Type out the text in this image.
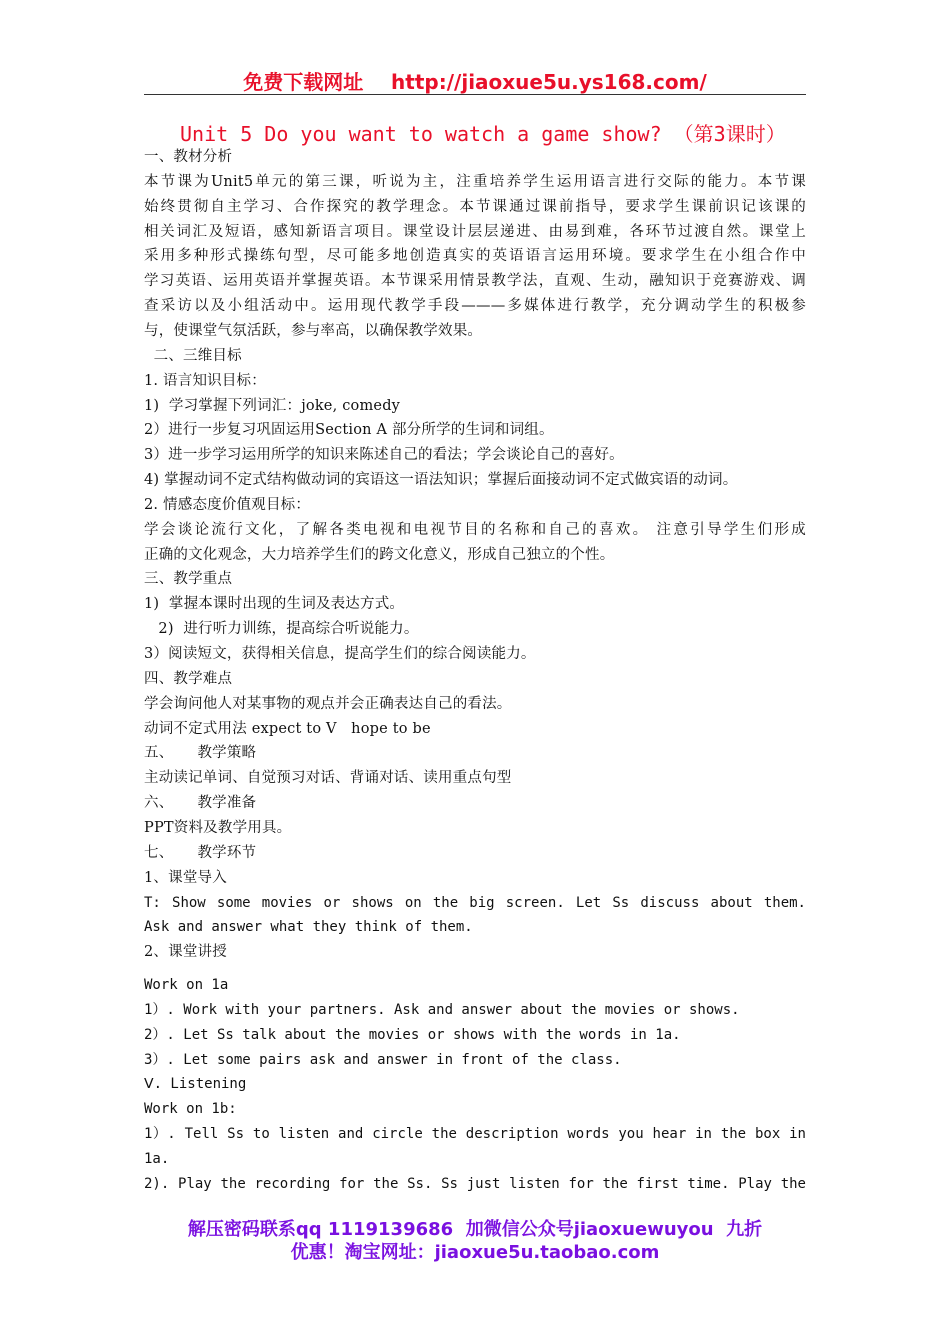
免费下载网址    http://jiaoxue5u.ys168.com/
Unit 5 Do you want to watch a game show? （第3课时）
一、教材分析
本节课为Unit5单元的第三课，听说为主，注重培养学生运用语言进行交际的能力。本节课
始终贯彻自主学习、合作探究的教学理念。本节课通过课前指导，要求学生课前识记该课的
相关词汇及短语，感知新语言项目。课堂设计层层递进、由易到难，各环节过渡自然。课堂上
采用多种形式操练句型，尽可能多地创造真实的英语语言运用环境。要求学生在小组合作中
学习英语、运用英语并掌握英语。本节课采用情景教学法，直观、生动，融知识于竞赛游戏、调
查采访以及小组活动中。运用现代教学手段———多媒体进行教学，充分调动学生的积极参
与，使课堂气氛活跃，参与率高，以确保教学效果。
二、三维目标
1. 语言知识目标：
1)  学习掌握下列词汇：joke, comedy
2）进行一步复习巩固运用Section A 部分所学的生词和词组。
3）进一步学习运用所学的知识来陈述自己的看法；学会谈论自己的喜好。
4) 掌握动词不定式结构做动词的宾语这一语法知识；掌握后面接动词不定式做宾语的动词。
2. 情感态度价值观目标：
学会谈论流行文化，了解各类电视和电视节目的名称和自己的喜欢。 注意引导学生们形成
正确的文化观念，大力培养学生们的跨文化意义，形成自己独立的个性。
三、教学重点
1)  掌握本课时出现的生词及表达方式。
2)  进行听力训练，提高综合听说能力。
3）阅读短文，获得相关信息，提高学生们的综合阅读能力。
四、教学难点
学会询问他人对某事物的观点并会正确表达自己的看法。
动词不定式用法 expect to V   hope to be
五、     教学策略
主动读记单词、自觉预习对话、背诵对话、读用重点句型
六、     教学准备
PPT资料及教学用具。
七、     教学环节
1、课堂导入
T: Show some movies or shows on the big screen. Let Ss discuss about them.
Ask and answer what they think of them.
2、课堂讲授
Work on 1a
1）. Work with your partners. Ask and answer about the movies or shows.
2）. Let Ss talk about the movies or shows with the words in 1a.
3）. Let some pairs ask and answer in front of the class.
Ⅴ. Listening
Work on 1b:
1）. Tell Ss to listen and circle the description words you hear in the box in
1a.
2). Play the recording for the Ss. Ss just listen for the first time. Play the
解压密码联系qq 1119139686  加微信公众号jiaoxuewuyou  九折
优惠！淘宝网址：jiaoxue5u.taobao.com
